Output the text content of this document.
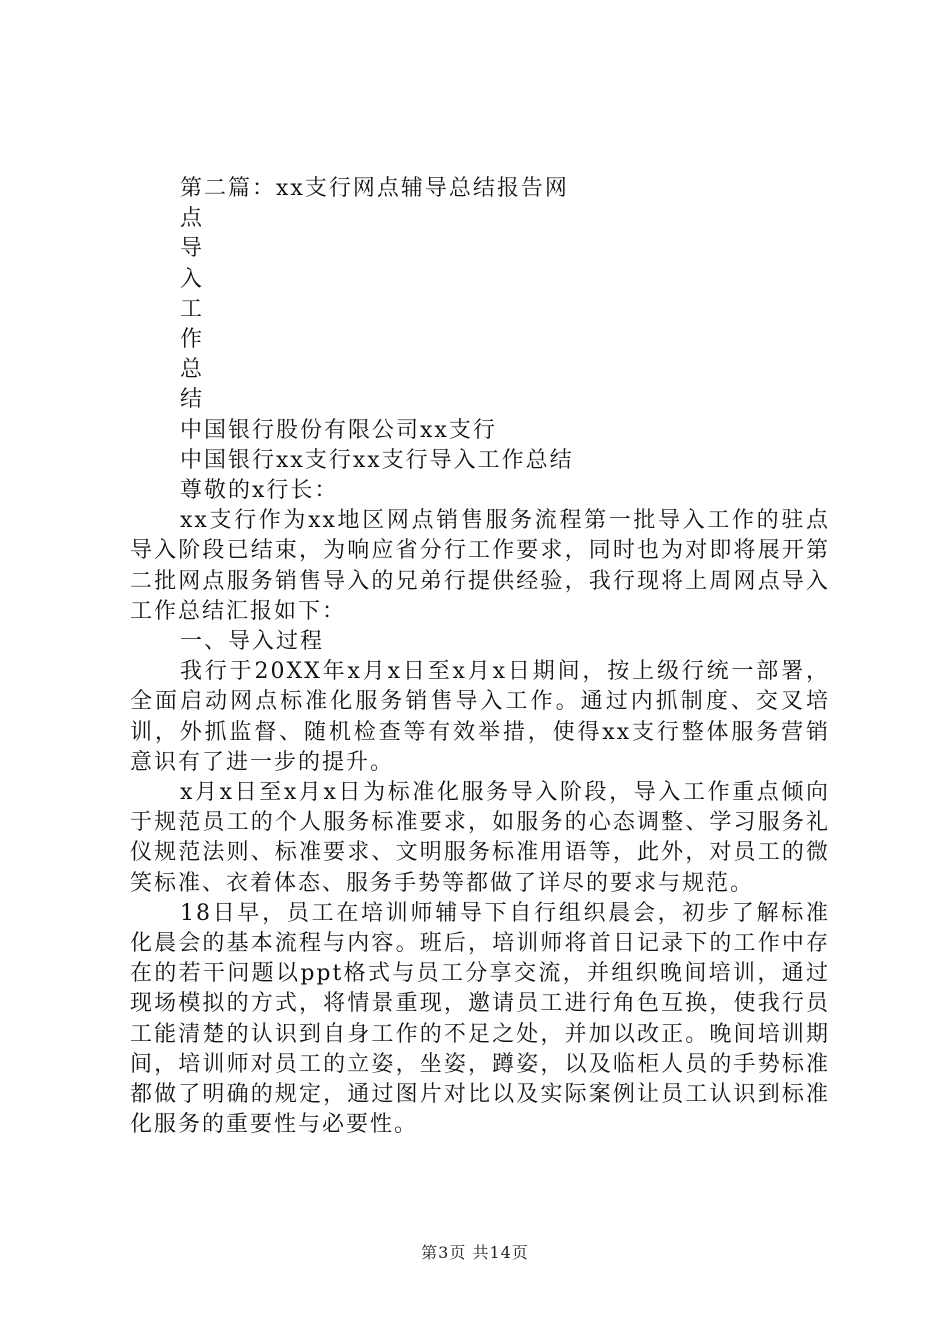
第二篇：xx支行网点辅导总结报告网
点
导
入
工
作
总
结
中国银行股份有限公司xx支行
中国银行xx支行xx支行导入工作总结
尊敬的x行长：
xx支行作为xx地区网点销售服务流程第一批导入工作的驻点导入阶段已结束，为响应省分行工作要求，同时也为对即将展开第二批网点服务销售导入的兄弟行提供经验，我行现将上周网点导入工作总结汇报如下：
一、导入过程
我行于20XX年x月x日至x月x日期间，按上级行统一部署，全面启动网点标准化服务销售导入工作。通过内抓制度、交叉培训，外抓监督、随机检查等有效举措，使得xx支行整体服务营销意识有了进一步的提升。
x月x日至x月x日为标准化服务导入阶段，导入工作重点倾向于规范员工的个人服务标准要求，如服务的心态调整、学习服务礼仪规范法则、标准要求、文明服务标准用语等，此外，对员工的微笑标准、衣着体态、服务手势等都做了详尽的要求与规范。
18日早，员工在培训师辅导下自行组织晨会，初步了解标准化晨会的基本流程与内容。班后，培训师将首日记录下的工作中存在的若干问题以ppt格式与员工分享交流，并组织晚间培训，通过现场模拟的方式，将情景重现，邀请员工进行角色互换，使我行员工能清楚的认识到自身工作的不足之处，并加以改正。晚间培训期间，培训师对员工的立姿，坐姿，蹲姿，以及临柜人员的手势标准都做了明确的规定，通过图片对比以及实际案例让员工认识到标准化服务的重要性与必要性。
第3页 共14页
